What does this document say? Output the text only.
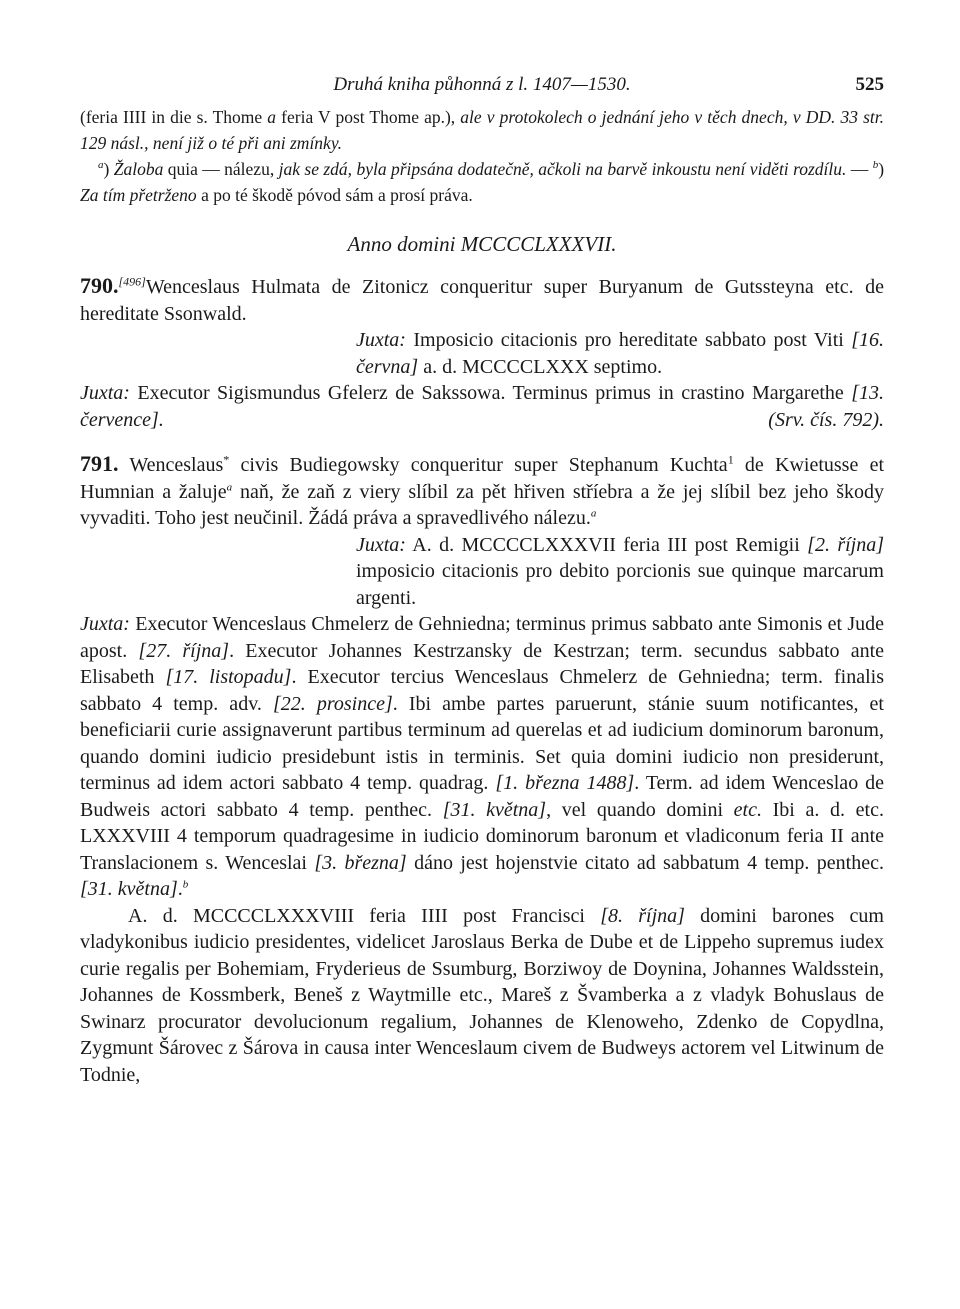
Druhá kniha půhonná z l. 1407—1530.	525

(feria IIII in die s. Thome a feria V post Thome ap.), ale v protokolech o jednání jeho v těch dnech, v DD. 33 str. 129 násl., není již o té při ani zmínky.

$^a$) Žaloba quia — nálezu, jak se zdá, byla připsána dodatečně, ačkoli na barvě inkoustu není viděti rozdílu. — $^b$) Za tím přetrženo a po té škodě póvod sám a prosí práva.

Anno domini MCCCCLXXXVII.

790.[496]Wenceslaus Hulmata de Zitonicz conqueritur super Buryanum de Gutssteyna etc. de hereditate Ssonwald.

Juxta: Imposicio citacionis pro hereditate sabbato post Viti [16. června] a. d. MCCCCLXXX septimo.

Juxta: Executor Sigismundus Gfelerz de Sakssowa. Terminus primus in crastino Margarethe [13. července].	(Srv. čís. 792).

791. Wenceslaus* civis Budiegowsky conqueritur super Stephanum Kuchta$^1$ de Kwietusse et Humnian a žaluje$^a$ naň, že zaň z viery slíbil za pět hřiven stříebra a že jej slíbil bez jeho škody vyvaditi. Toho jest neučinil. Žádá práva a spravedlivého nálezu.$^a$

Juxta: A. d. MCCCCLXXXVII feria III post Remigii [2. října] imposicio citacionis pro debito porcionis sue quinque marcarum argenti.

Juxta: Executor Wenceslaus Chmelerz de Gehniedna; terminus primus sabbato ante Simonis et Jude apost. [27. října]. Executor Johannes Kestrzansky de Kestrzan; term. secundus sabbato ante Elisabeth [17. listopadu]. Executor tercius Wenceslaus Chmelerz de Gehniedna; term. finalis sabbato 4 temp. adv. [22. prosince]. Ibi ambe partes paruerunt, stánie suum notificantes, et beneficiarii curie assignaverunt partibus terminum ad querelas et ad iudicium dominorum baronum, quando domini iudicio presidebunt istis in terminis. Set quia domini iudicio non presiderunt, terminus ad idem actori sabbato 4 temp. quadrag. [1. března 1488]. Term. ad idem Wenceslao de Budweis actori sabbato 4 temp. penthec. [31. května], vel quando domini etc. Ibi a. d. etc. LXXXVIII 4 temporum quadragesime in iudicio dominorum baronum et vladiconum feria II ante Translacionem s. Wenceslai [3. března] dáno jest hojenstvie citato ad sabbatum 4 temp. penthec. [31. května].$^b$

A. d. MCCCCLXXXVIII feria IIII post Francisci [8. října] domini barones cum vladykonibus iudicio presidentes, videlicet Jaroslaus Berka de Dube et de Lippeho supremus iudex curie regalis per Bohemiam, Fryderieus de Ssumburg, Borziwoy de Doynina, Johannes Waldsstein, Johannes de Kossmberk, Beneš z Waytmille etc., Mareš z Švamberka a z vladyk Bohuslaus de Swinarz procurator devolucionum regalium, Johannes de Klenoweho, Zdenko de Copydlna, Zygmunt Šárovec z Šárova in causa inter Wenceslaum civem de Budweys actorem vel Litwinum de Todnie,
